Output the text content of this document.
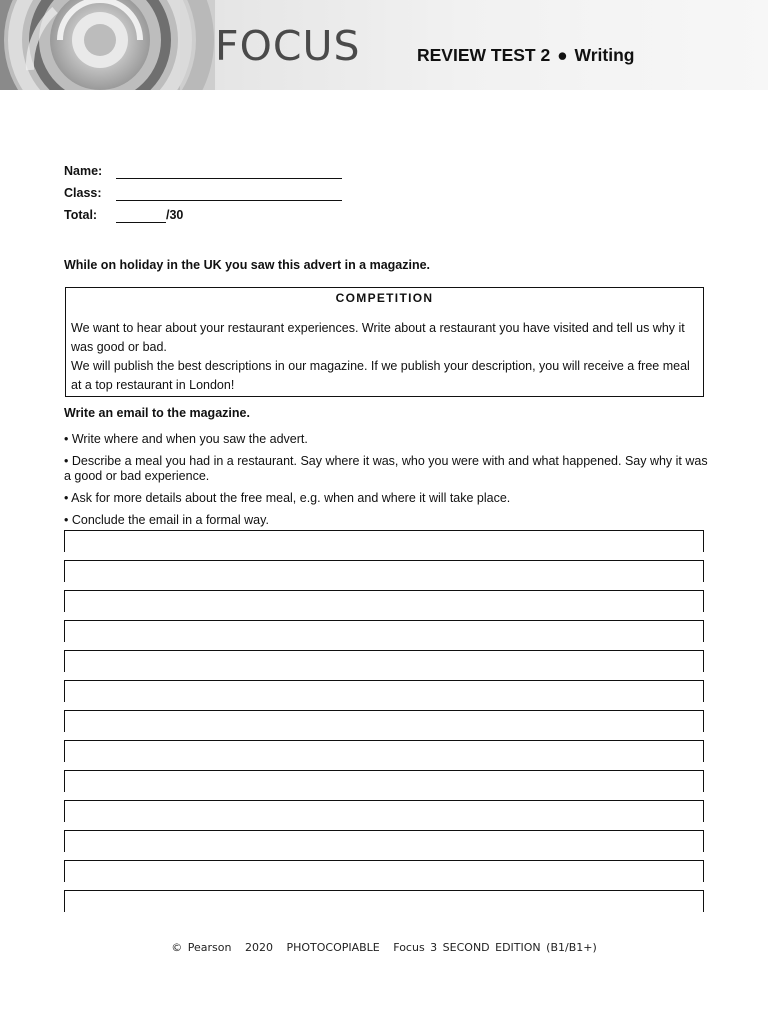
FOCUS	REVIEW TEST 2 ● Writing
Name:
Class:
Total:	/30
While on holiday in the UK you saw this advert in a magazine.
COMPETITION
We want to hear about your restaurant experiences. Write about a restaurant you have visited and tell us why it was good or bad.
We will publish the best descriptions in our magazine. If we publish your description, you will receive a free meal at a top restaurant in London!
Write an email to the magazine.
• Write where and when you saw the advert.
• Describe a meal you had in a restaurant. Say where it was, who you were with and what happened. Say why it was a good or bad experience.
• Ask for more details about the free meal, e.g. when and where it will take place.
• Conclude the email in a formal way.
© Pearson 2020 PHOTOCOPIABLE Focus 3 SECOND EDITION (B1/B1+)
